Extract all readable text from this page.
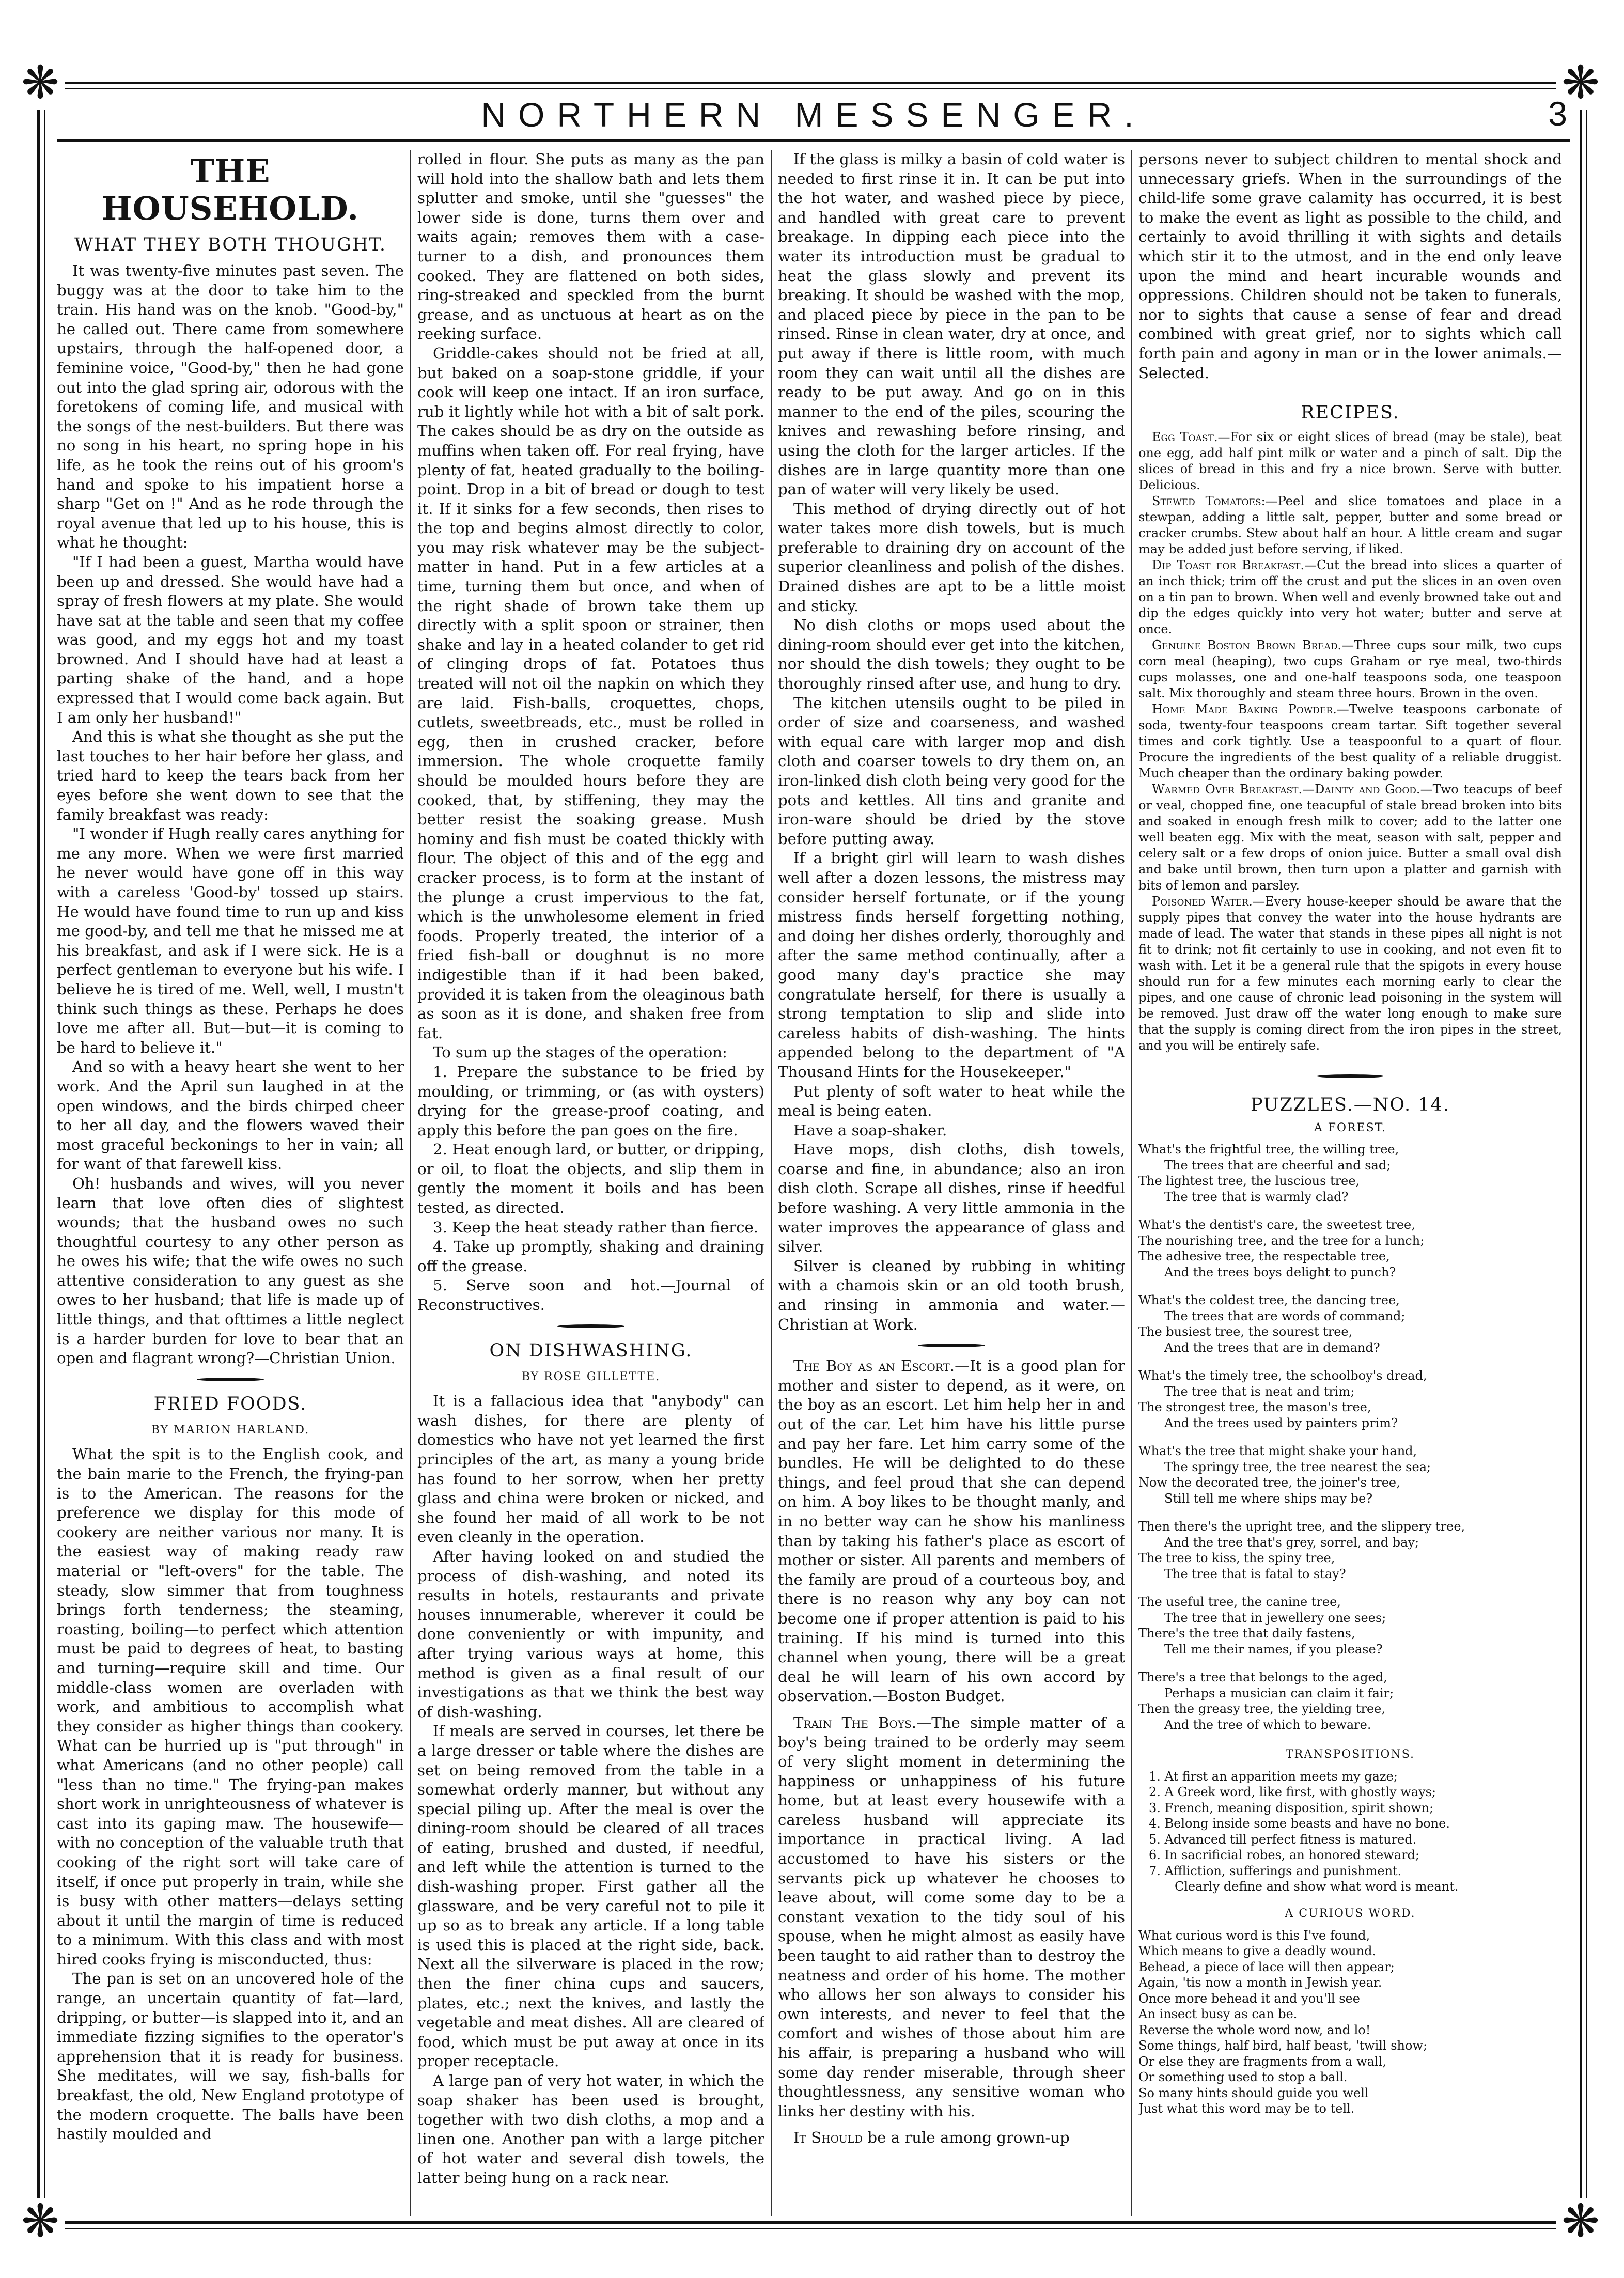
❋	❋
❋	❋
NORTHERN MESSENGER.	3
THE HOUSEHOLD.
WHAT THEY BOTH THOUGHT.

It was twenty-five minutes past seven. The buggy was at the door to take him to the train. His hand was on the knob. "Good-by," he called out. There came from somewhere upstairs, through the half-opened door, a feminine voice, "Good-by," then he had gone out into the glad spring air, odorous with the foretokens of coming life, and musical with the songs of the nest-builders. But there was no song in his heart, no spring hope in his life, as he took the reins out of his groom's hand and spoke to his impatient horse a sharp "Get on !" And as he rode through the royal avenue that led up to his house, this is what he thought:

"If I had been a guest, Martha would have been up and dressed. She would have had a spray of fresh flowers at my plate. She would have sat at the table and seen that my coffee was good, and my eggs hot and my toast browned. And I should have had at least a parting shake of the hand, and a hope expressed that I would come back again. But I am only her husband!"

And this is what she thought as she put the last touches to her hair before her glass, and tried hard to keep the tears back from her eyes before she went down to see that the family breakfast was ready:

"I wonder if Hugh really cares anything for me any more. When we were first married he never would have gone off in this way with a careless 'Good-by' tossed up stairs. He would have found time to run up and kiss me good-by, and tell me that he missed me at his breakfast, and ask if I were sick. He is a perfect gentleman to everyone but his wife. I believe he is tired of me. Well, well, I mustn't think such things as these. Perhaps he does love me after all. But—but—it is coming to be hard to believe it."

And so with a heavy heart she went to her work. And the April sun laughed in at the open windows, and the birds chirped cheer to her all day, and the flowers waved their most graceful beckonings to her in vain; all for want of that farewell kiss.

Oh! husbands and wives, will you never learn that love often dies of slightest wounds; that the husband owes no such thoughtful courtesy to any other person as he owes his wife; that the wife owes no such attentive consideration to any guest as she owes to her husband; that life is made up of little things, and that ofttimes a little neglect is a harder burden for love to bear that an open and flagrant wrong?—Christian Union.

FRIED FOODS.
BY MARION HARLAND.

What the spit is to the English cook, and the bain marie to the French, the frying-pan is to the American. The reasons for the preference we display for this mode of cookery are neither various nor many. It is the easiest way of making ready raw material or "left-overs" for the table. The steady, slow simmer that from toughness brings forth tenderness; the steaming, roasting, boiling—to perfect which attention must be paid to degrees of heat, to basting and turning—require skill and time. Our middle-class women are overladen with work, and ambitious to accomplish what they consider as higher things than cookery. What can be hurried up is "put through" in what Americans (and no other people) call "less than no time." The frying-pan makes short work in unrighteousness of whatever is cast into its gaping maw. The housewife—with no conception of the valuable truth that cooking of the right sort will take care of itself, if once put properly in train, while she is busy with other matters—delays setting about it until the margin of time is reduced to a minimum. With this class and with most hired cooks frying is misconducted, thus:

The pan is set on an uncovered hole of the range, an uncertain quantity of fat—lard, dripping, or butter—is slapped into it, and an immediate fizzing signifies to the operator's apprehension that it is ready for business. She meditates, will we say, fish-balls for breakfast, the old, New England prototype of the modern croquette. The balls have been hastily moulded and

rolled in flour. She puts as many as the pan will hold into the shallow bath and lets them splutter and smoke, until she "guesses" the lower side is done, turns them over and waits again; removes them with a case-turner to a dish, and pronounces them cooked. They are flattened on both sides, ring-streaked and speckled from the burnt grease, and as unctuous at heart as on the reeking surface.

Griddle-cakes should not be fried at all, but baked on a soap-stone griddle, if your cook will keep one intact. If an iron surface, rub it lightly while hot with a bit of salt pork. The cakes should be as dry on the outside as muffins when taken off. For real frying, have plenty of fat, heated gradually to the boiling-point. Drop in a bit of bread or dough to test it. If it sinks for a few seconds, then rises to the top and begins almost directly to color, you may risk whatever may be the subject-matter in hand. Put in a few articles at a time, turning them but once, and when of the right shade of brown take them up directly with a split spoon or strainer, then shake and lay in a heated colander to get rid of clinging drops of fat. Potatoes thus treated will not oil the napkin on which they are laid. Fish-balls, croquettes, chops, cutlets, sweetbreads, etc., must be rolled in egg, then in crushed cracker, before immersion. The whole croquette family should be moulded hours before they are cooked, that, by stiffening, they may the better resist the soaking grease. Mush hominy and fish must be coated thickly with flour. The object of this and of the egg and cracker process, is to form at the instant of the plunge a crust impervious to the fat, which is the unwholesome element in fried foods. Properly treated, the interior of a fried fish-ball or doughnut is no more indigestible than if it had been baked, provided it is taken from the oleaginous bath as soon as it is done, and shaken free from fat.

To sum up the stages of the operation:

1. Prepare the substance to be fried by moulding, or trimming, or (as with oysters) drying for the grease-proof coating, and apply this before the pan goes on the fire.

2. Heat enough lard, or butter, or dripping, or oil, to float the objects, and slip them in gently the moment it boils and has been tested, as directed.

3. Keep the heat steady rather than fierce.

4. Take up promptly, shaking and draining off the grease.

5. Serve soon and hot.—Journal of Reconstructives.

ON DISHWASHING.
BY ROSE GILLETTE.

It is a fallacious idea that "anybody" can wash dishes, for there are plenty of domestics who have not yet learned the first principles of the art, as many a young bride has found to her sorrow, when her pretty glass and china were broken or nicked, and she found her maid of all work to be not even cleanly in the operation.

After having looked on and studied the process of dish-washing, and noted its results in hotels, restaurants and private houses innumerable, wherever it could be done conveniently or with impunity, and after trying various ways at home, this method is given as a final result of our investigations as that we think the best way of dish-washing.

If meals are served in courses, let there be a large dresser or table where the dishes are set on being removed from the table in a somewhat orderly manner, but without any special piling up. After the meal is over the dining-room should be cleared of all traces of eating, brushed and dusted, if needful, and left while the attention is turned to the dish-washing proper. First gather all the glassware, and be very careful not to pile it up so as to break any article. If a long table is used this is placed at the right side, back. Next all the silverware is placed in the row; then the finer china cups and saucers, plates, etc.; next the knives, and lastly the vegetable and meat dishes. All are cleared of food, which must be put away at once in its proper receptacle.

A large pan of very hot water, in which the soap shaker has been used is brought, together with two dish cloths, a mop and a linen one. Another pan with a large pitcher of hot water and several dish towels, the latter being hung on a rack near.

If the glass is milky a basin of cold water is needed to first rinse it in. It can be put into the hot water, and washed piece by piece, and handled with great care to prevent breakage. In dipping each piece into the water its introduction must be gradual to heat the glass slowly and prevent its breaking. It should be washed with the mop, and placed piece by piece in the pan to be rinsed. Rinse in clean water, dry at once, and put away if there is little room, with much room they can wait until all the dishes are ready to be put away. And go on in this manner to the end of the piles, scouring the knives and rewashing before rinsing, and using the cloth for the larger articles. If the dishes are in large quantity more than one pan of water will very likely be used.

This method of drying directly out of hot water takes more dish towels, but is much preferable to draining dry on account of the superior cleanliness and polish of the dishes. Drained dishes are apt to be a little moist and sticky.

No dish cloths or mops used about the dining-room should ever get into the kitchen, nor should the dish towels; they ought to be thoroughly rinsed after use, and hung to dry.

The kitchen utensils ought to be piled in order of size and coarseness, and washed with equal care with larger mop and dish cloth and coarser towels to dry them on, an iron-linked dish cloth being very good for the pots and kettles. All tins and granite and iron-ware should be dried by the stove before putting away.

If a bright girl will learn to wash dishes well after a dozen lessons, the mistress may consider herself fortunate, or if the young mistress finds herself forgetting nothing, and doing her dishes orderly, thoroughly and after the same method continually, after a good many day's practice she may congratulate herself, for there is usually a strong temptation to slip and slide into careless habits of dish-washing. The hints appended belong to the department of "A Thousand Hints for the Housekeeper."

Put plenty of soft water to heat while the meal is being eaten.

Have a soap-shaker.

Have mops, dish cloths, dish towels, coarse and fine, in abundance; also an iron dish cloth. Scrape all dishes, rinse if heedful before washing. A very little ammonia in the water improves the appearance of glass and silver.

Silver is cleaned by rubbing in whiting with a chamois skin or an old tooth brush, and rinsing in ammonia and water.—Christian at Work.

The Boy as an Escort.—It is a good plan for mother and sister to depend, as it were, on the boy as an escort. Let him help her in and out of the car. Let him have his little purse and pay her fare. Let him carry some of the bundles. He will be delighted to do these things, and feel proud that she can depend on him. A boy likes to be thought manly, and in no better way can he show his manliness than by taking his father's place as escort of mother or sister. All parents and members of the family are proud of a courteous boy, and there is no reason why any boy can not become one if proper attention is paid to his training. If his mind is turned into this channel when young, there will be a great deal he will learn of his own accord by observation.—Boston Budget.

Train The Boys.—The simple matter of a boy's being trained to be orderly may seem of very slight moment in determining the happiness or unhappiness of his future home, but at least every housewife with a careless husband will appreciate its importance in practical living. A lad accustomed to have his sisters or the servants pick up whatever he chooses to leave about, will come some day to be a constant vexation to the tidy soul of his spouse, when he might almost as easily have been taught to aid rather than to destroy the neatness and order of his home. The mother who allows her son always to consider his own interests, and never to feel that the comfort and wishes of those about him are his affair, is preparing a husband who will some day render miserable, through sheer thoughtlessness, any sensitive woman who links her destiny with his.

It Should be a rule among grown-up

persons never to subject children to mental shock and unnecessary griefs. When in the surroundings of the child-life some grave calamity has occurred, it is best to make the event as light as possible to the child, and certainly to avoid thrilling it with sights and details which stir it to the utmost, and in the end only leave upon the mind and heart incurable wounds and oppressions. Children should not be taken to funerals, nor to sights that cause a sense of fear and dread combined with great grief, nor to sights which call forth pain and agony in man or in the lower animals.—Selected.

RECIPES.

Egg Toast.—For six or eight slices of bread (may be stale), beat one egg, add half pint milk or water and a pinch of salt. Dip the slices of bread in this and fry a nice brown. Serve with butter. Delicious.

Stewed Tomatoes:—Peel and slice tomatoes and place in a stewpan, adding a little salt, pepper, butter and some bread or cracker crumbs. Stew about half an hour. A little cream and sugar may be added just before serving, if liked.

Dip Toast for Breakfast.—Cut the bread into slices a quarter of an inch thick; trim off the crust and put the slices in an oven oven on a tin pan to brown. When well and evenly browned take out and dip the edges quickly into very hot water; butter and serve at once.

Genuine Boston Brown Bread.—Three cups sour milk, two cups corn meal (heaping), two cups Graham or rye meal, two-thirds cups molasses, one and one-half teaspoons soda, one teaspoon salt. Mix thoroughly and steam three hours. Brown in the oven.

Home Made Baking Powder.—Twelve teaspoons carbonate of soda, twenty-four teaspoons cream tartar. Sift together several times and cork tightly. Use a teaspoonful to a quart of flour. Procure the ingredients of the best quality of a reliable druggist. Much cheaper than the ordinary baking powder.

Warmed Over Breakfast.—Dainty and Good.—Two teacups of beef or veal, chopped fine, one teacupful of stale bread broken into bits and soaked in enough fresh milk to cover; add to the latter one well beaten egg. Mix with the meat, season with salt, pepper and celery salt or a few drops of onion juice. Butter a small oval dish and bake until brown, then turn upon a platter and garnish with bits of lemon and parsley.

Poisoned Water.—Every house-keeper should be aware that the supply pipes that convey the water into the house hydrants are made of lead. The water that stands in these pipes all night is not fit to drink; not fit certainly to use in cooking, and not even fit to wash with. Let it be a general rule that the spigots in every house should run for a few minutes each morning early to clear the pipes, and one cause of chronic lead poisoning in the system will be removed. Just draw off the water long enough to make sure that the supply is coming direct from the iron pipes in the street, and you will be entirely safe.

PUZZLES.—NO. 14.
A FOREST.
What's the frightful tree, the willing tree,
The trees that are cheerful and sad;
The lightest tree, the luscious tree,
The tree that is warmly clad?
What's the dentist's care, the sweetest tree,
The nourishing tree, and the tree for a lunch;
The adhesive tree, the respectable tree,
And the trees boys delight to punch?
What's the coldest tree, the dancing tree,
The trees that are words of command;
The busiest tree, the sourest tree,
And the trees that are in demand?
What's the timely tree, the schoolboy's dread,
The tree that is neat and trim;
The strongest tree, the mason's tree,
And the trees used by painters prim?
What's the tree that might shake your hand,
The springy tree, the tree nearest the sea;
Now the decorated tree, the joiner's tree,
Still tell me where ships may be?
Then there's the upright tree, and the slippery tree,
And the tree that's grey, sorrel, and bay;
The tree to kiss, the spiny tree,
The tree that is fatal to stay?
The useful tree, the canine tree,
The tree that in jewellery one sees;
There's the tree that daily fastens,
Tell me their names, if you please?
There's a tree that belongs to the aged,
Perhaps a musician can claim it fair;
Then the greasy tree, the yielding tree,
And the tree of which to beware.
TRANSPOSITIONS.
1. At first an apparition meets my gaze;
2. A Greek word, like first, with ghostly ways;
3. French, meaning disposition, spirit shown;
4. Belong inside some beasts and have no bone.
5. Advanced till perfect fitness is matured.
6. In sacrificial robes, an honored steward;
7. Affliction, sufferings and punishment.
Clearly define and show what word is meant.
A CURIOUS WORD.
What curious word is this I've found,
Which means to give a deadly wound.
Behead, a piece of lace will then appear;
Again, 'tis now a month in Jewish year.
Once more behead it and you'll see
An insect busy as can be.
Reverse the whole word now, and lo!
Some things, half bird, half beast, 'twill show;
Or else they are fragments from a wall,
Or something used to stop a ball.
So many hints should guide you well
Just what this word may be to tell.
